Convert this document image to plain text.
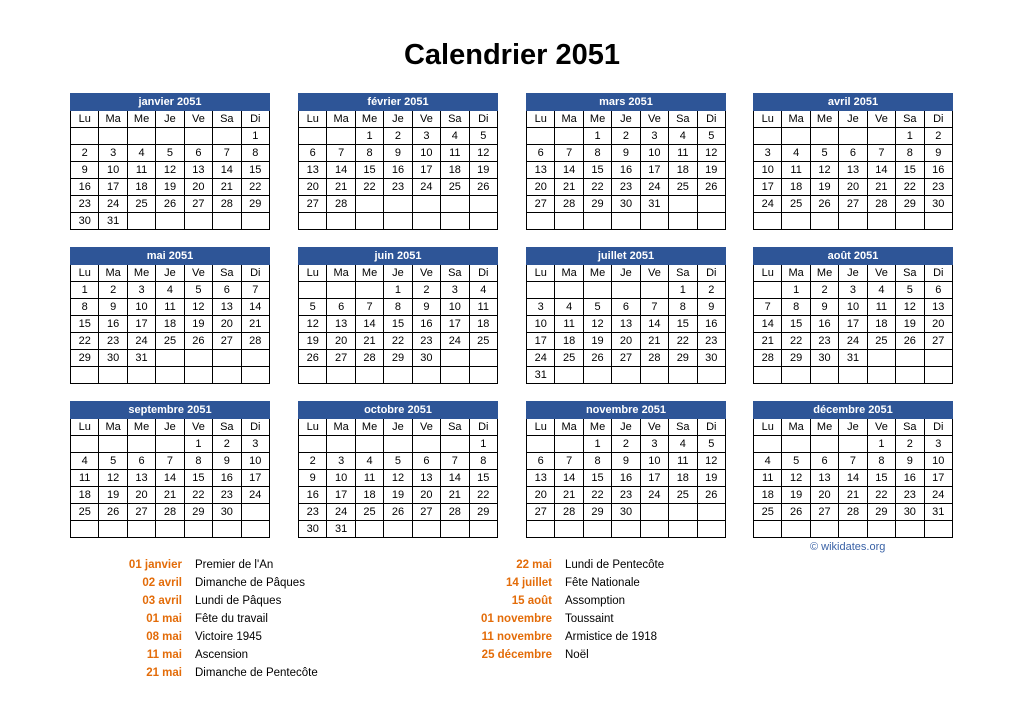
Calendrier 2051
janvier 2051						
Lu	Ma	Me	Je	Ve	Sa	Di
						1
2	3	4	5	6	7	8
9	10	11	12	13	14	15
16	17	18	19	20	21	22
23	24	25	26	27	28	29
30	31					
février 2051						
Lu	Ma	Me	Je	Ve	Sa	Di
		1	2	3	4	5
6	7	8	9	10	11	12
13	14	15	16	17	18	19
20	21	22	23	24	25	26
27	28					

mars 2051						
Lu	Ma	Me	Je	Ve	Sa	Di
		1	2	3	4	5
6	7	8	9	10	11	12
13	14	15	16	17	18	19
20	21	22	23	24	25	26
27	28	29	30	31		

avril 2051						
Lu	Ma	Me	Je	Ve	Sa	Di
					1	2
3	4	5	6	7	8	9
10	11	12	13	14	15	16
17	18	19	20	21	22	23
24	25	26	27	28	29	30

mai 2051						
Lu	Ma	Me	Je	Ve	Sa	Di
1	2	3	4	5	6	7
8	9	10	11	12	13	14
15	16	17	18	19	20	21
22	23	24	25	26	27	28
29	30	31				

juin 2051						
Lu	Ma	Me	Je	Ve	Sa	Di
			1	2	3	4
5	6	7	8	9	10	11
12	13	14	15	16	17	18
19	20	21	22	23	24	25
26	27	28	29	30		

juillet 2051						
Lu	Ma	Me	Je	Ve	Sa	Di
					1	2
3	4	5	6	7	8	9
10	11	12	13	14	15	16
17	18	19	20	21	22	23
24	25	26	27	28	29	30
31						
août 2051						
Lu	Ma	Me	Je	Ve	Sa	Di
	1	2	3	4	5	6
7	8	9	10	11	12	13
14	15	16	17	18	19	20
21	22	23	24	25	26	27
28	29	30	31			

septembre 2051						
Lu	Ma	Me	Je	Ve	Sa	Di
				1	2	3
4	5	6	7	8	9	10
11	12	13	14	15	16	17
18	19	20	21	22	23	24
25	26	27	28	29	30	

octobre 2051						
Lu	Ma	Me	Je	Ve	Sa	Di
						1
2	3	4	5	6	7	8
9	10	11	12	13	14	15
16	17	18	19	20	21	22
23	24	25	26	27	28	29
30	31					
novembre 2051						
Lu	Ma	Me	Je	Ve	Sa	Di
		1	2	3	4	5
6	7	8	9	10	11	12
13	14	15	16	17	18	19
20	21	22	23	24	25	26
27	28	29	30			

décembre 2051						
Lu	Ma	Me	Je	Ve	Sa	Di
				1	2	3
4	5	6	7	8	9	10
11	12	13	14	15	16	17
18	19	20	21	22	23	24
25	26	27	28	29	30	31

© wikidates.org
01 janvier Premier de l'An
02 avril Dimanche de Pâques
03 avril Lundi de Pâques
01 mai Fête du travail
08 mai Victoire 1945
11 mai Ascension
21 mai Dimanche de Pentecôte
22 mai Lundi de Pentecôte
14 juillet Fête Nationale
15 août Assomption
01 novembre Toussaint
11 novembre Armistice de 1918
25 décembre Noël
